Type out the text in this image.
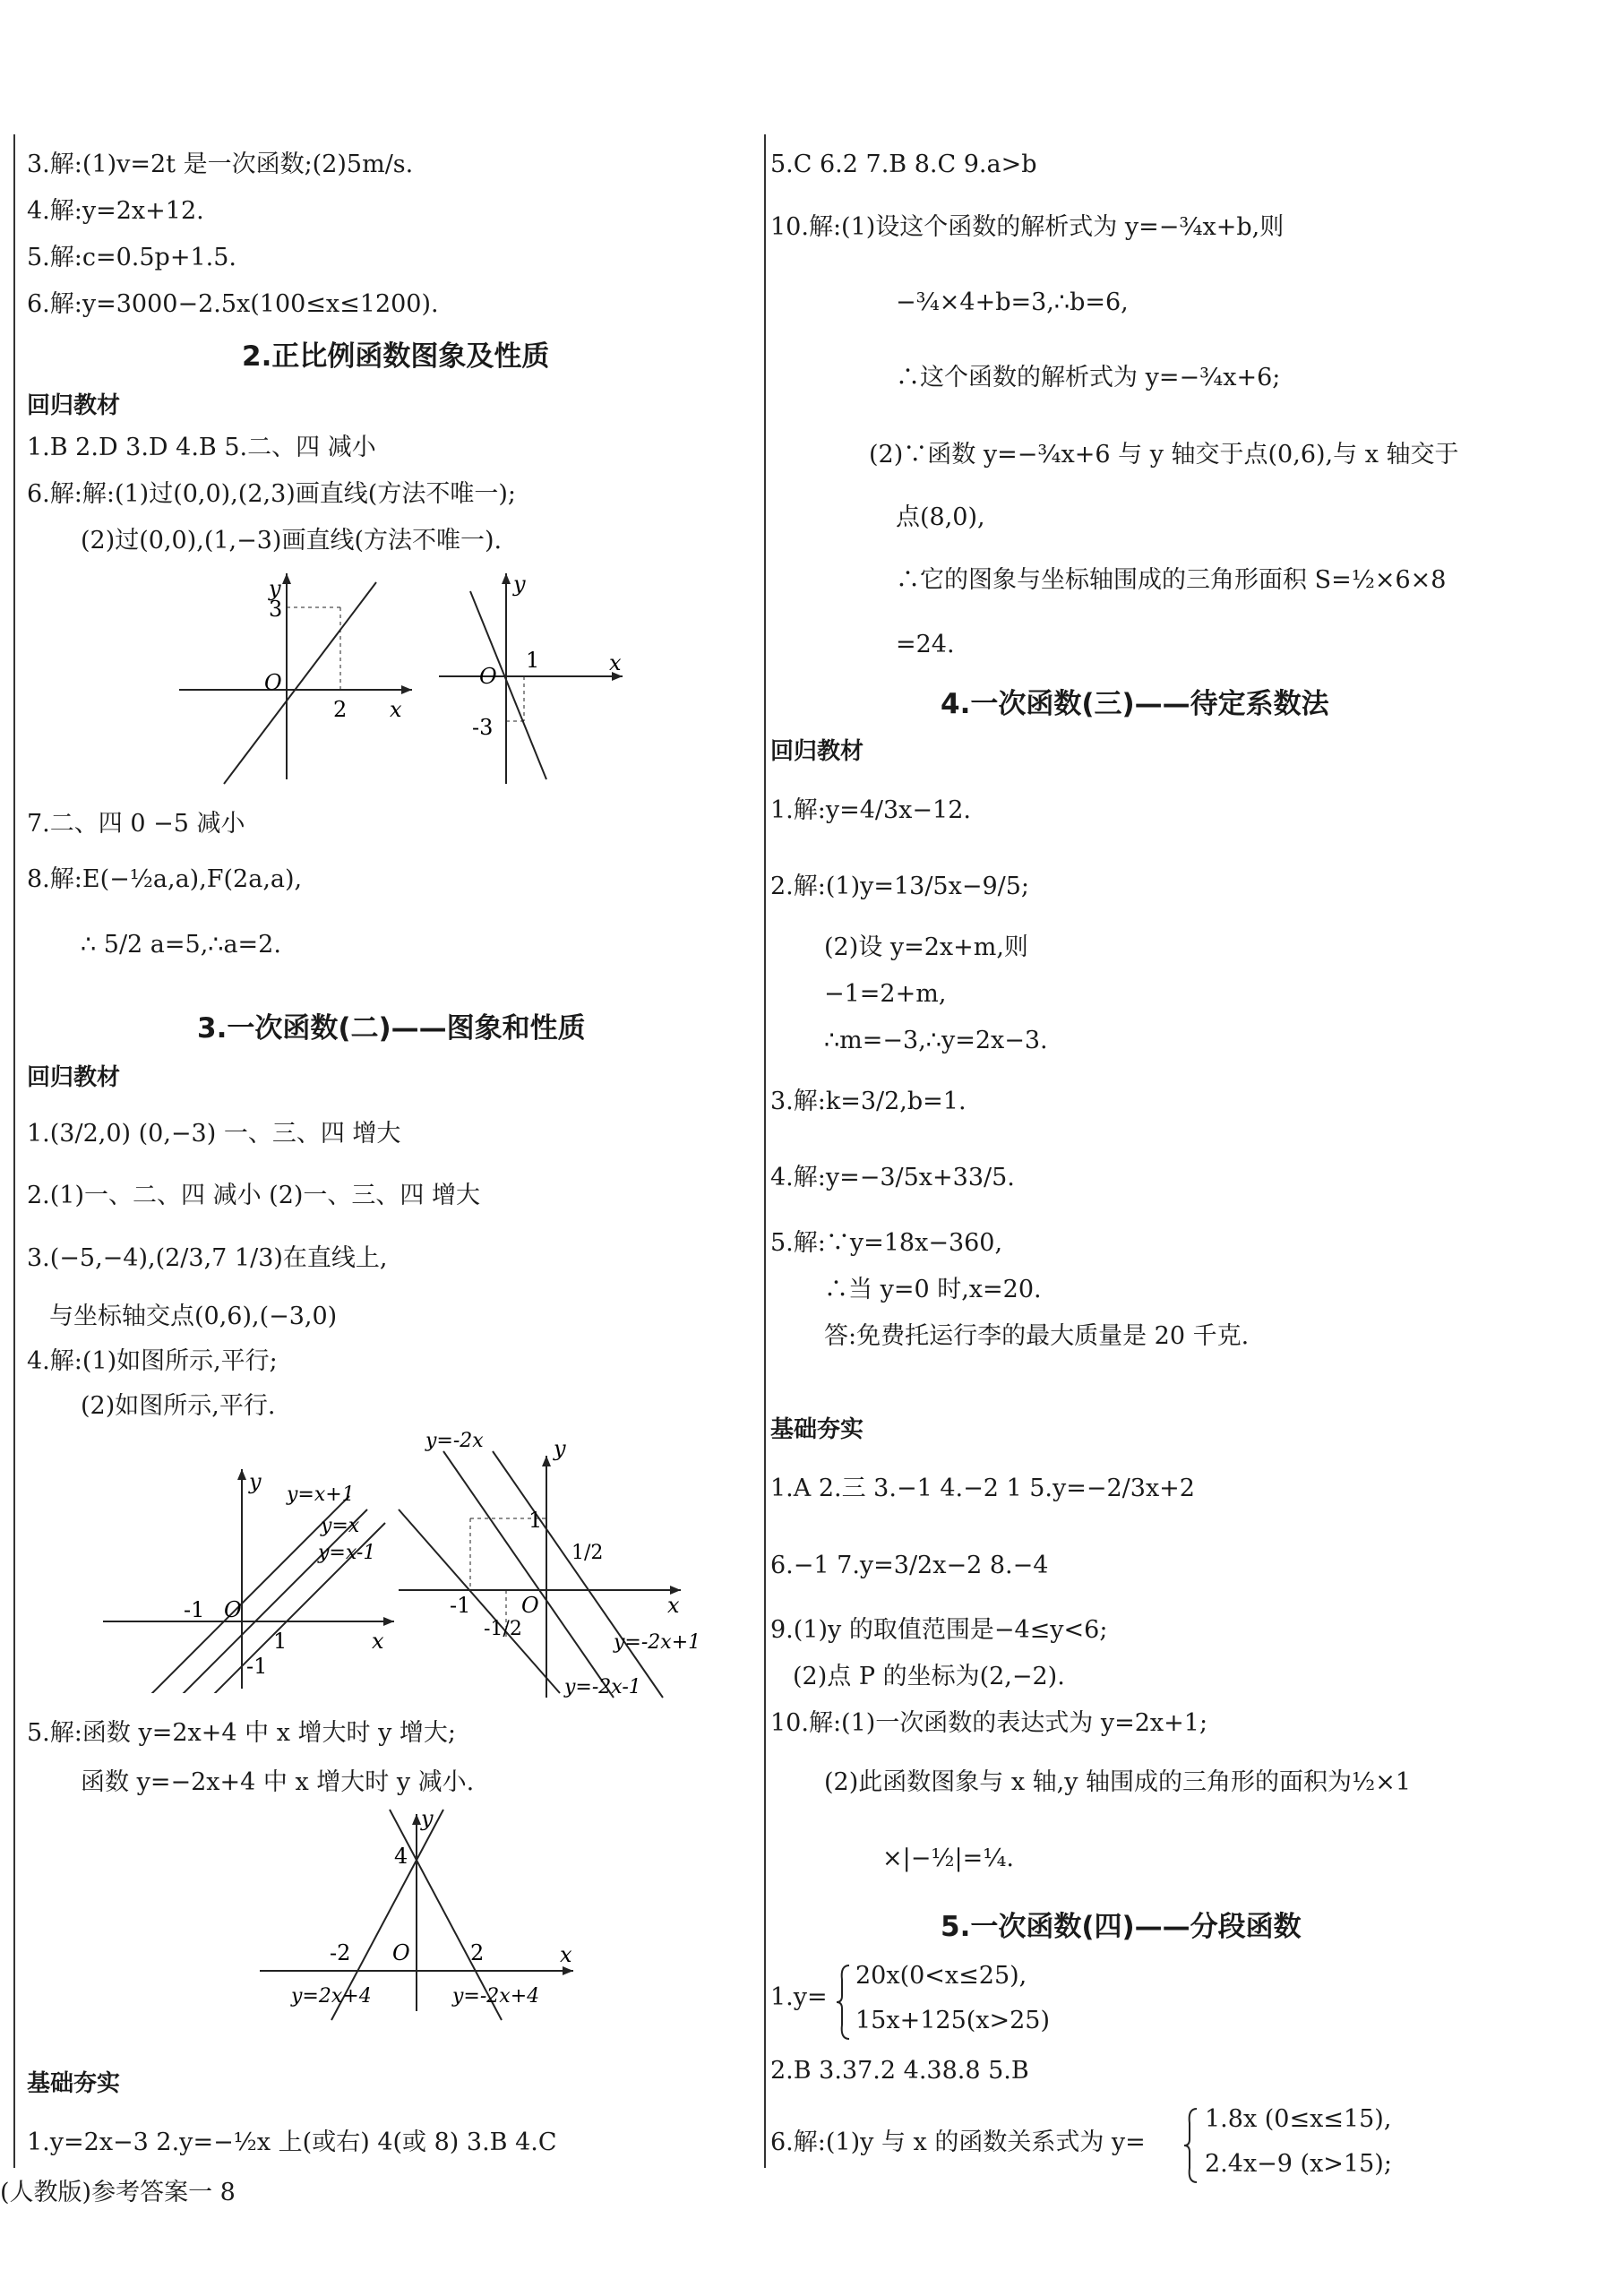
3.解:(1)v=2t 是一次函数;(2)5m/s.
4.解:y=2x+12.
5.解:c=0.5p+1.5.
6.解:y=3000−2.5x(100≤x≤1200).
2.正比例函数图象及性质
回归教材
1.B 2.D 3.D 4.B 5.二、四 减小
6.解:解:(1)过(0,0),(2,3)画直线(方法不唯一);
(2)过(0,0),(1,−3)画直线(方法不唯一).
y
x
O
3
2
y
x
O
1
-3
7.二、四 0 −5 减小
8.解:E(−½a,a),F(2a,a),
∴ 5/2 a=5,∴a=2.
3.一次函数(二)——图象和性质
回归教材
1.(3/2,0) (0,−3) 一、三、四 增大
2.(1)一、二、四 减小 (2)一、三、四 增大
3.(−5,−4),(2/3,7 1/3)在直线上,
与坐标轴交点(0,6),(−3,0)
4.解:(1)如图所示,平行;
(2)如图所示,平行.
y
x
O
y=x+1
y=x
y=x-1
-1
1
-1
y=-2x	y
x
O
1
1/2
-1
-1/2
y=-2x+1
y=-2x-1
5.解:函数 y=2x+4 中 x 增大时 y 增大;
函数 y=−2x+4 中 x 增大时 y 减小.
y
x
O
4
-2	2
y=2x+4	y=-2x+4
基础夯实
1.y=2x−3 2.y=−½x 上(或右) 4(或 8) 3.B 4.C
5.C 6.2 7.B 8.C 9.a>b
10.解:(1)设这个函数的解析式为 y=−¾x+b,则
−¾×4+b=3,∴b=6,
∴这个函数的解析式为 y=−¾x+6;
(2)∵函数 y=−¾x+6 与 y 轴交于点(0,6),与 x 轴交于
点(8,0),
∴它的图象与坐标轴围成的三角形面积 S=½×6×8
=24.
4.一次函数(三)——待定系数法
回归教材
1.解:y=4/3x−12.
2.解:(1)y=13/5x−9/5;
(2)设 y=2x+m,则
−1=2+m,
∴m=−3,∴y=2x−3.
3.解:k=3/2,b=1.
4.解:y=−3/5x+33/5.
5.解:∵y=18x−360,
∴当 y=0 时,x=20.
答:免费托运行李的最大质量是 20 千克.
基础夯实
1.A 2.三 3.−1 4.−2 1 5.y=−2/3x+2
6.−1 7.y=3/2x−2 8.−4
9.(1)y 的取值范围是−4≤y<6;
(2)点 P 的坐标为(2,−2).
10.解:(1)一次函数的表达式为 y=2x+1;
(2)此函数图象与 x 轴,y 轴围成的三角形的面积为½×1
×|−½|=¼.
5.一次函数(四)——分段函数
1.y=
20x(0<x≤25),
15x+125(x>25)
2.B 3.37.2 4.38.8 5.B
6.解:(1)y 与 x 的函数关系式为 y=
1.8x (0≤x≤15),
2.4x−9 (x>15);
(人教版)参考答案一 8
